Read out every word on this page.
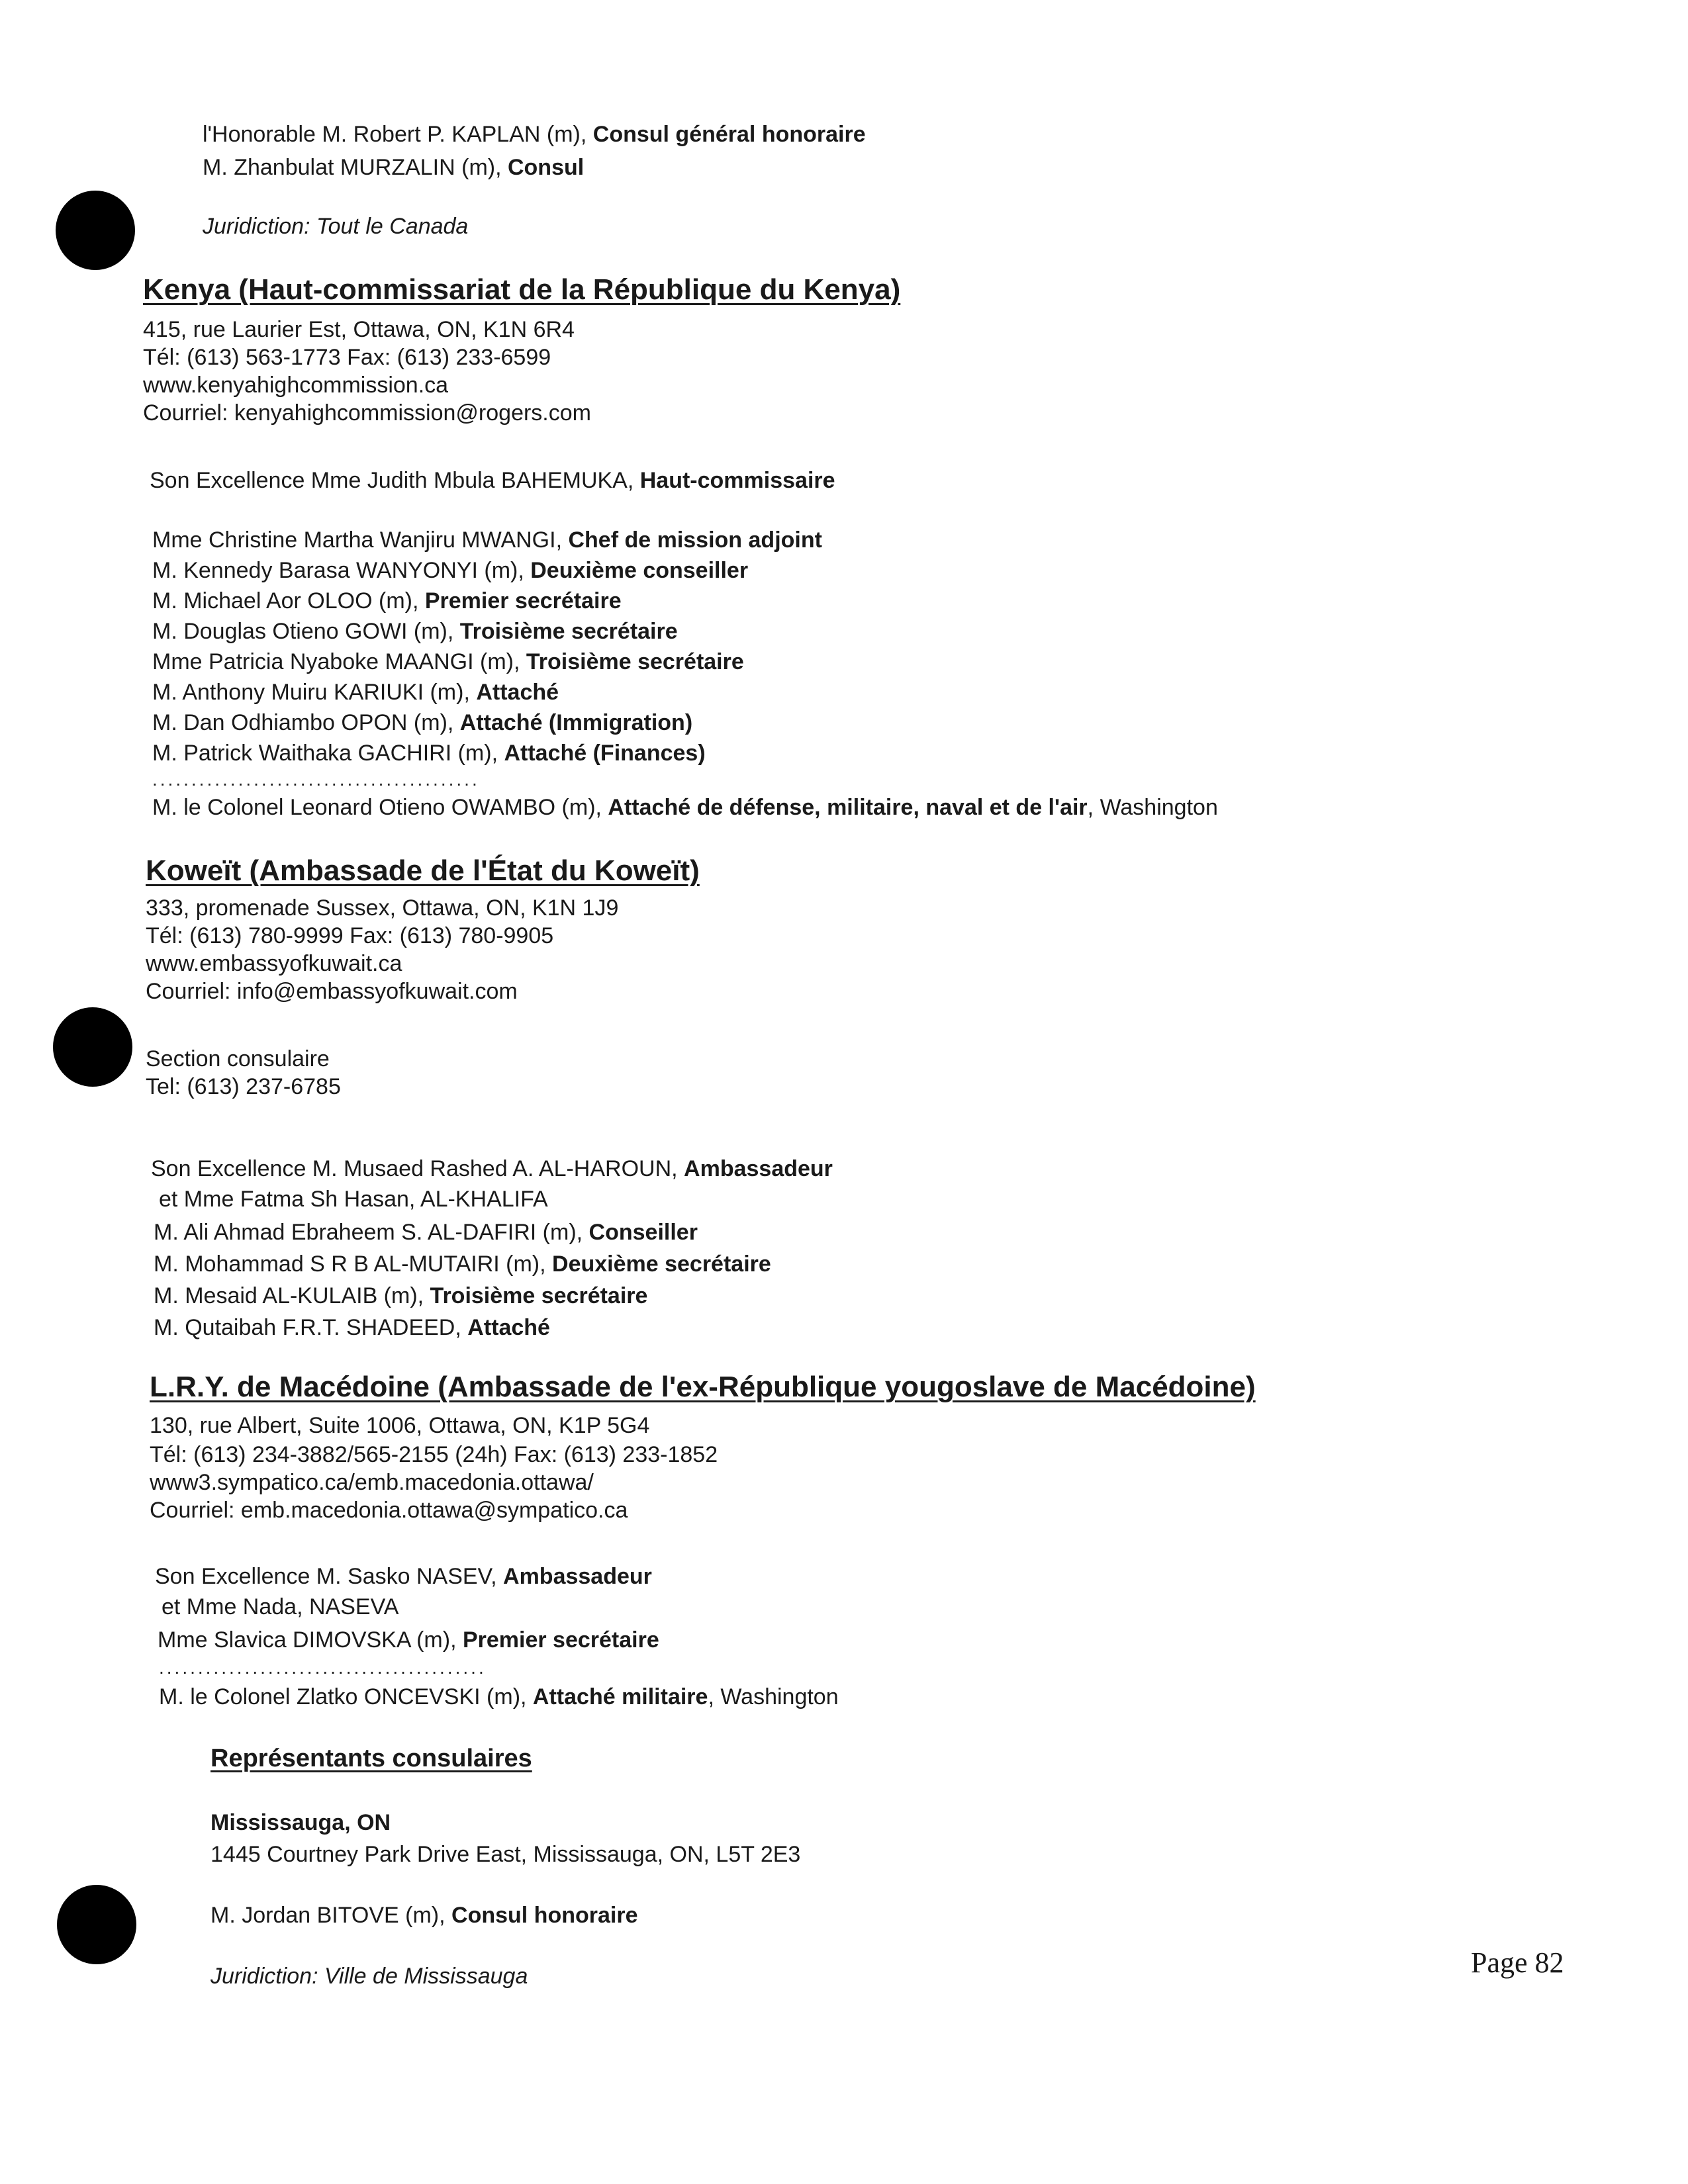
l'Honorable M. Robert P. KAPLAN (m), Consul général honoraire
M. Zhanbulat MURZALIN (m), Consul
Juridiction: Tout le Canada
Kenya (Haut-commissariat de la République du Kenya)
415, rue Laurier Est, Ottawa, ON, K1N 6R4
Tél: (613) 563-1773 Fax: (613) 233-6599
www.kenyahighcommission.ca
Courriel: kenyahighcommission@rogers.com
Son Excellence Mme Judith Mbula BAHEMUKA, Haut-commissaire
Mme Christine Martha Wanjiru MWANGI, Chef de mission adjoint
M. Kennedy Barasa WANYONYI (m), Deuxième conseiller
M. Michael Aor OLOO (m), Premier secrétaire
M. Douglas Otieno GOWI (m), Troisième secrétaire
Mme Patricia Nyaboke MAANGI (m), Troisième secrétaire
M. Anthony Muiru KARIUKI (m), Attaché
M. Dan Odhiambo OPON (m), Attaché (Immigration)
M. Patrick Waithaka GACHIRI (m), Attaché (Finances)
..........................................
M. le Colonel Leonard Otieno OWAMBO (m), Attaché de défense, militaire, naval et de l'air, Washington
Koweït (Ambassade de l'État du Koweït)
333, promenade Sussex, Ottawa, ON, K1N 1J9
Tél: (613) 780-9999 Fax: (613) 780-9905
www.embassyofkuwait.ca
Courriel: info@embassyofkuwait.com
Section consulaire
Tel: (613) 237-6785
Son Excellence M. Musaed Rashed A. AL-HAROUN, Ambassadeur
et Mme Fatma Sh Hasan, AL-KHALIFA
M. Ali Ahmad Ebraheem S. AL-DAFIRI (m), Conseiller
M. Mohammad S R B AL-MUTAIRI (m), Deuxième secrétaire
M. Mesaid AL-KULAIB (m), Troisième secrétaire
M. Qutaibah F.R.T. SHADEED, Attaché
L.R.Y. de Macédoine (Ambassade de l'ex-République yougoslave de Macédoine)
130, rue Albert, Suite 1006, Ottawa, ON, K1P 5G4
Tél: (613) 234-3882/565-2155 (24h) Fax: (613) 233-1852
www3.sympatico.ca/emb.macedonia.ottawa/
Courriel: emb.macedonia.ottawa@sympatico.ca
Son Excellence M. Sasko NASEV, Ambassadeur
et Mme Nada, NASEVA
Mme Slavica DIMOVSKA (m), Premier secrétaire
..........................................
M. le Colonel Zlatko ONCEVSKI (m), Attaché militaire, Washington
Représentants consulaires
Mississauga, ON
1445 Courtney Park Drive East, Mississauga, ON, L5T 2E3
M. Jordan BITOVE (m), Consul honoraire
Juridiction: Ville de Mississauga	Page 82
